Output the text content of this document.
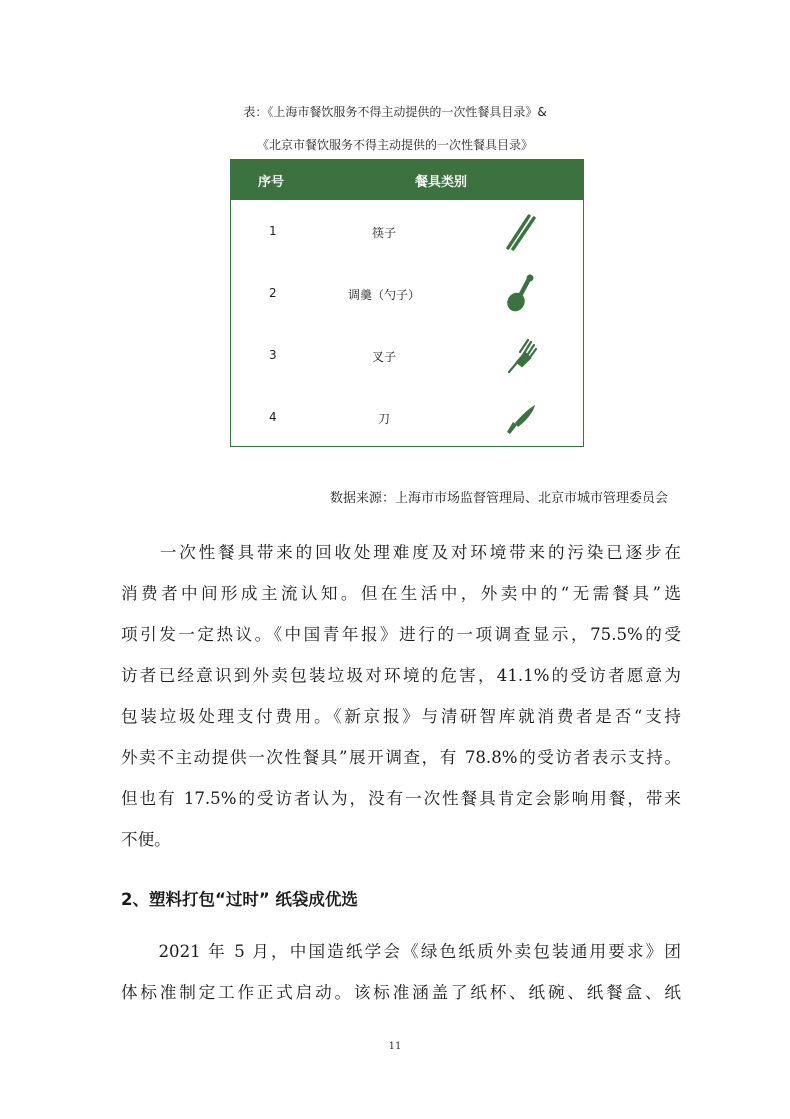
表：《上海市餐饮服务不得主动提供的一次性餐具目录》&
《北京市餐饮服务不得主动提供的一次性餐具目录》
序号	餐具类别
1	筷子
2	调羹（勺子）
3	叉子
4	刀
数据来源：上海市市场监督管理局、北京市城市管理委员会
　　一次性餐具带来的回收处理难度及对环境带来的污染已逐步在
消费者中间形成主流认知。但在生活中，外卖中的“无需餐具”选
项引发一定热议。《中国青年报》进行的一项调查显示，75.5%的受
访者已经意识到外卖包装垃圾对环境的危害，41.1%的受访者愿意为
包装垃圾处理支付费用。《新京报》与清研智库就消费者是否“支持
外卖不主动提供一次性餐具”展开调查，有 78.8%的受访者表示支持。
但也有 17.5%的受访者认为，没有一次性餐具肯定会影响用餐，带来
不便。
2、塑料打包“过时” 纸袋成优选
　　2021 年 5 月，中国造纸学会《绿色纸质外卖包装通用要求》团
体标准制定工作正式启动。该标准涵盖了纸杯、纸碗、纸餐盒、纸
11
